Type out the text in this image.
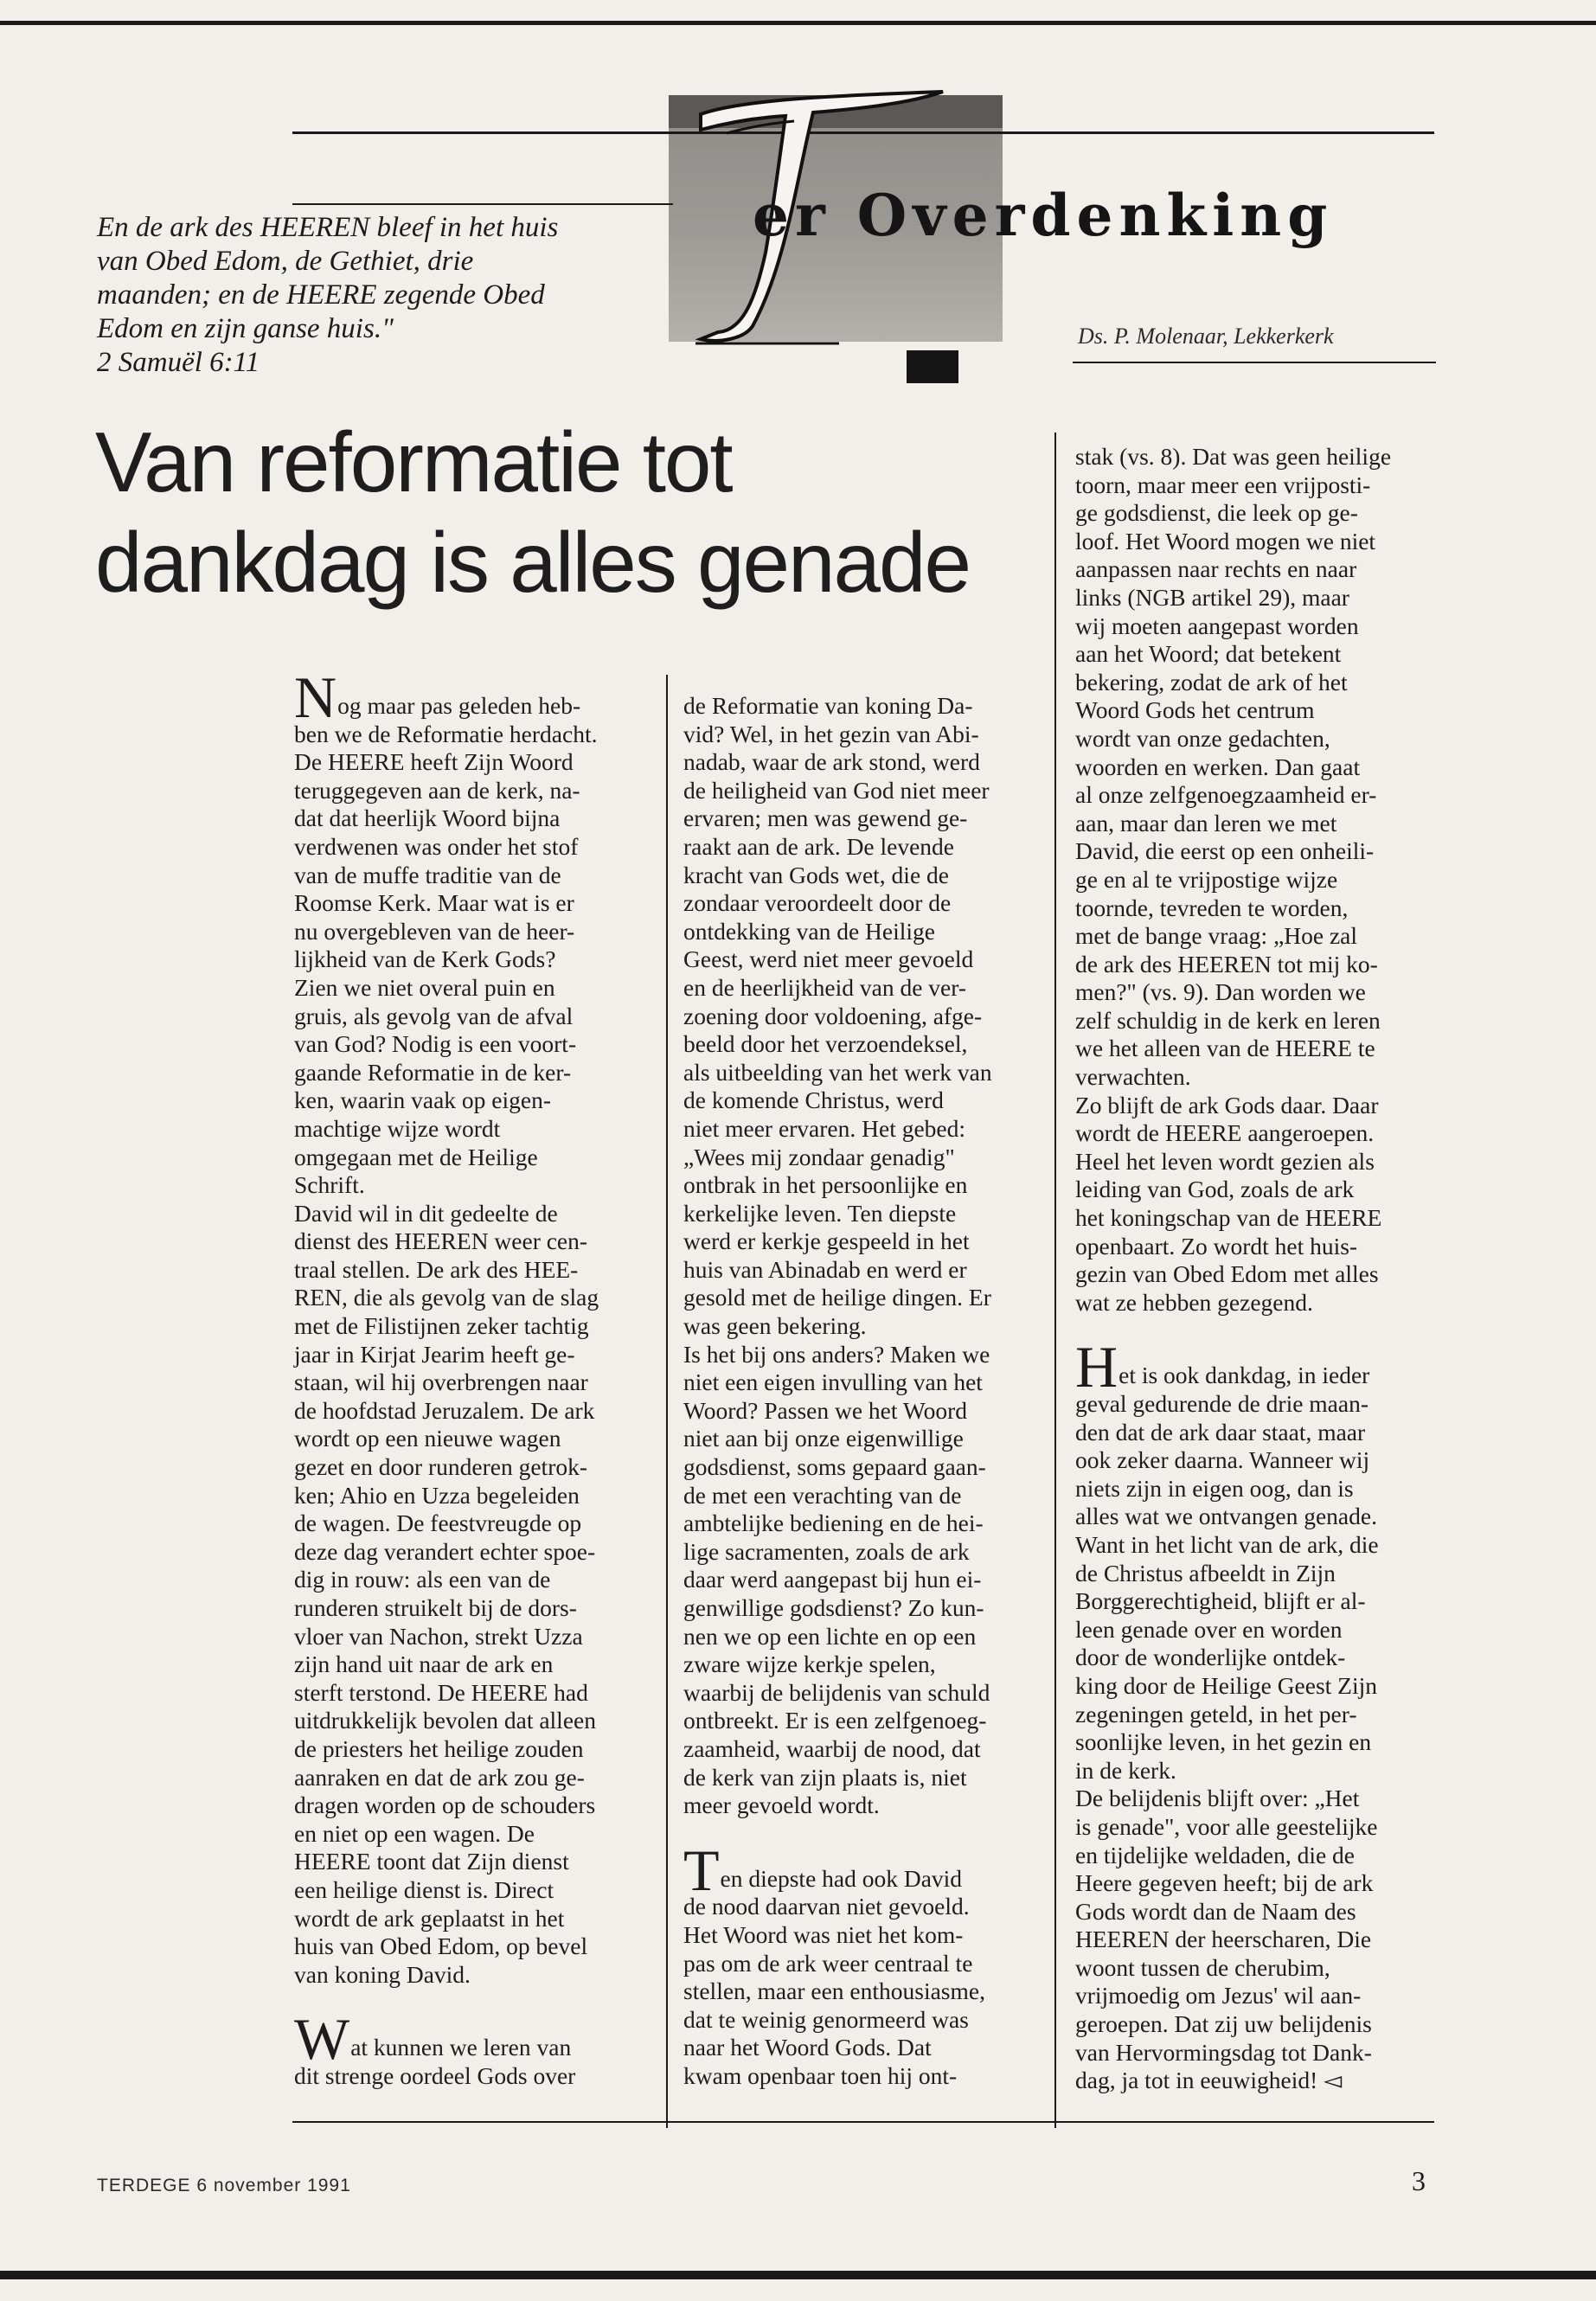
er Overdenking
Ds. P. Molenaar, Lekkerkerk

En de ark des HEEREN bleef in het huis

van Obed Edom, de Gethiet, drie

maanden; en de HEERE zegende Obed

Edom en zijn ganse huis."

2 Samuël 6:11
Van reformatie tot
dankdag is alles genade
Nog maar pas geleden heb-
ben we de Reformatie herdacht.
De HEERE heeft Zijn Woord
teruggegeven aan de kerk, na-
dat dat heerlijk Woord bijna
verdwenen was onder het stof
van de muffe traditie van de
Roomse Kerk. Maar wat is er
nu overgebleven van de heer-
lijkheid van de Kerk Gods?
Zien we niet overal puin en
gruis, als gevolg van de afval
van God? Nodig is een voort-
gaande Reformatie in de ker-
ken, waarin vaak op eigen-
machtige wijze wordt
omgegaan met de Heilige
Schrift.
David wil in dit gedeelte de
dienst des HEEREN weer cen-
traal stellen. De ark des HEE-
REN, die als gevolg van de slag
met de Filistijnen zeker tachtig
jaar in Kirjat Jearim heeft ge-
staan, wil hij overbrengen naar
de hoofdstad Jeruzalem. De ark
wordt op een nieuwe wagen
gezet en door runderen getrok-
ken; Ahio en Uzza begeleiden
de wagen. De feestvreugde op
deze dag verandert echter spoe-
dig in rouw: als een van de
runderen struikelt bij de dors-
vloer van Nachon, strekt Uzza
zijn hand uit naar de ark en
sterft terstond. De HEERE had
uitdrukkelijk bevolen dat alleen
de priesters het heilige zouden
aanraken en dat de ark zou ge-
dragen worden op de schouders
en niet op een wagen. De
HEERE toont dat Zijn dienst
een heilige dienst is. Direct
wordt de ark geplaatst in het
huis van Obed Edom, op bevel
van koning David.
Wat kunnen we leren van
dit strenge oordeel Gods over
de Reformatie van koning Da-
vid? Wel, in het gezin van Abi-
nadab, waar de ark stond, werd
de heiligheid van God niet meer
ervaren; men was gewend ge-
raakt aan de ark. De levende
kracht van Gods wet, die de
zondaar veroordeelt door de
ontdekking van de Heilige
Geest, werd niet meer gevoeld
en de heerlijkheid van de ver-
zoening door voldoening, afge-
beeld door het verzoendeksel,
als uitbeelding van het werk van
de komende Christus, werd
niet meer ervaren. Het gebed:
„Wees mij zondaar genadig"
ontbrak in het persoonlijke en
kerkelijke leven. Ten diepste
werd er kerkje gespeeld in het
huis van Abinadab en werd er
gesold met de heilige dingen. Er
was geen bekering.
Is het bij ons anders? Maken we
niet een eigen invulling van het
Woord? Passen we het Woord
niet aan bij onze eigenwillige
godsdienst, soms gepaard gaan-
de met een verachting van de
ambtelijke bediening en de hei-
lige sacramenten, zoals de ark
daar werd aangepast bij hun ei-
genwillige godsdienst? Zo kun-
nen we op een lichte en op een
zware wijze kerkje spelen,
waarbij de belijdenis van schuld
ontbreekt. Er is een zelfgenoeg-
zaamheid, waarbij de nood, dat
de kerk van zijn plaats is, niet
meer gevoeld wordt.
Ten diepste had ook David
de nood daarvan niet gevoeld.
Het Woord was niet het kom-
pas om de ark weer centraal te
stellen, maar een enthousiasme,
dat te weinig genormeerd was
naar het Woord Gods. Dat
kwam openbaar toen hij ont-
stak (vs. 8). Dat was geen heilige
toorn, maar meer een vrijposti-
ge godsdienst, die leek op ge-
loof. Het Woord mogen we niet
aanpassen naar rechts en naar
links (NGB artikel 29), maar
wij moeten aangepast worden
aan het Woord; dat betekent
bekering, zodat de ark of het
Woord Gods het centrum
wordt van onze gedachten,
woorden en werken. Dan gaat
al onze zelfgenoegzaamheid er-
aan, maar dan leren we met
David, die eerst op een onheili-
ge en al te vrijpostige wijze
toornde, tevreden te worden,
met de bange vraag: „Hoe zal
de ark des HEEREN tot mij ko-
men?" (vs. 9). Dan worden we
zelf schuldig in de kerk en leren
we het alleen van de HEERE te
verwachten.
Zo blijft de ark Gods daar. Daar
wordt de HEERE aangeroepen.
Heel het leven wordt gezien als
leiding van God, zoals de ark
het koningschap van de HEERE
openbaart. Zo wordt het huis-
gezin van Obed Edom met alles
wat ze hebben gezegend.
Het is ook dankdag, in ieder
geval gedurende de drie maan-
den dat de ark daar staat, maar
ook zeker daarna. Wanneer wij
niets zijn in eigen oog, dan is
alles wat we ontvangen genade.
Want in het licht van de ark, die
de Christus afbeeldt in Zijn
Borggerechtigheid, blijft er al-
leen genade over en worden
door de wonderlijke ontdek-
king door de Heilige Geest Zijn
zegeningen geteld, in het per-
soonlijke leven, in het gezin en
in de kerk.
De belijdenis blijft over: „Het
is genade", voor alle geestelijke
en tijdelijke weldaden, die de
Heere gegeven heeft; bij de ark
Gods wordt dan de Naam des
HEEREN der heerscharen, Die
woont tussen de cherubim,
vrijmoedig om Jezus' wil aan-
geroepen. Dat zij uw belijdenis
van Hervormingsdag tot Dank-
dag, ja tot in eeuwigheid! ◅
TERDEGE 6 november 1991	3
